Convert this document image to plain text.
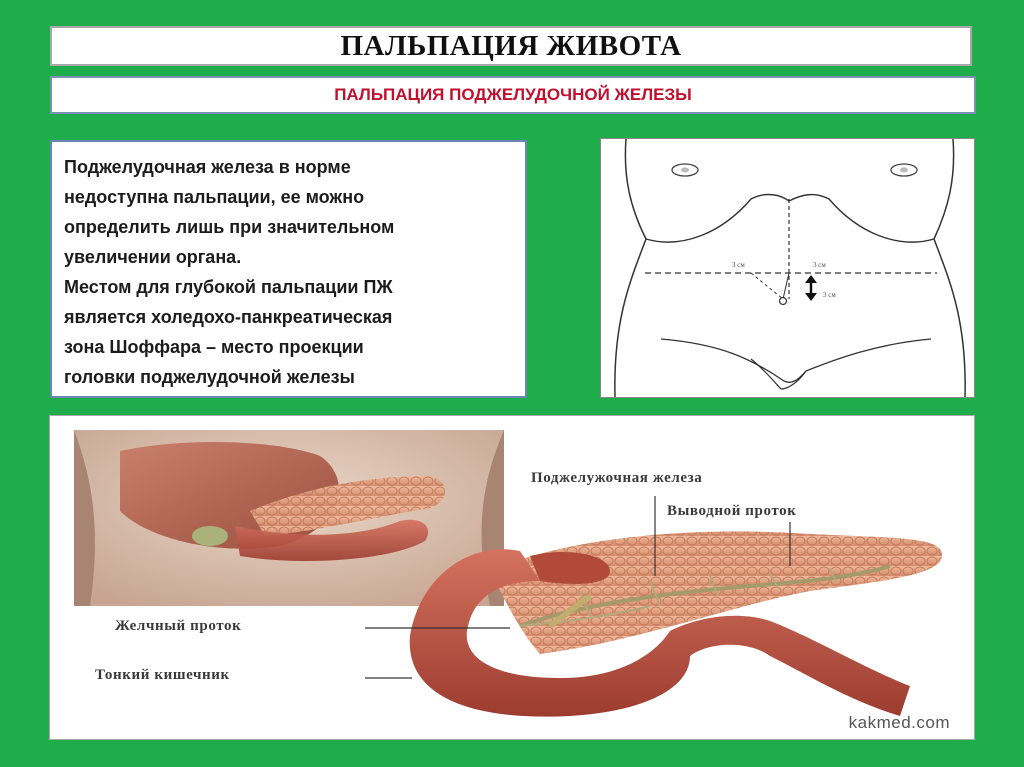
ПАЛЬПАЦИЯ ЖИВОТА
ПАЛЬПАЦИЯ ПОДЖЕЛУДОЧНОЙ ЖЕЛЕЗЫ

Поджелудочная железа в норме

недоступна пальпации, ее можно

определить лишь при значительном

увеличении органа.

Местом для глубокой пальпации ПЖ

является холедохо-панкреатическая

зона Шоффара – место проекции

головки поджелудочной железы

3 см	3 см
3 см
Поджелужочная железа
Выводной проток
Желчный проток
Тонкий кишечник
kakmed.com
